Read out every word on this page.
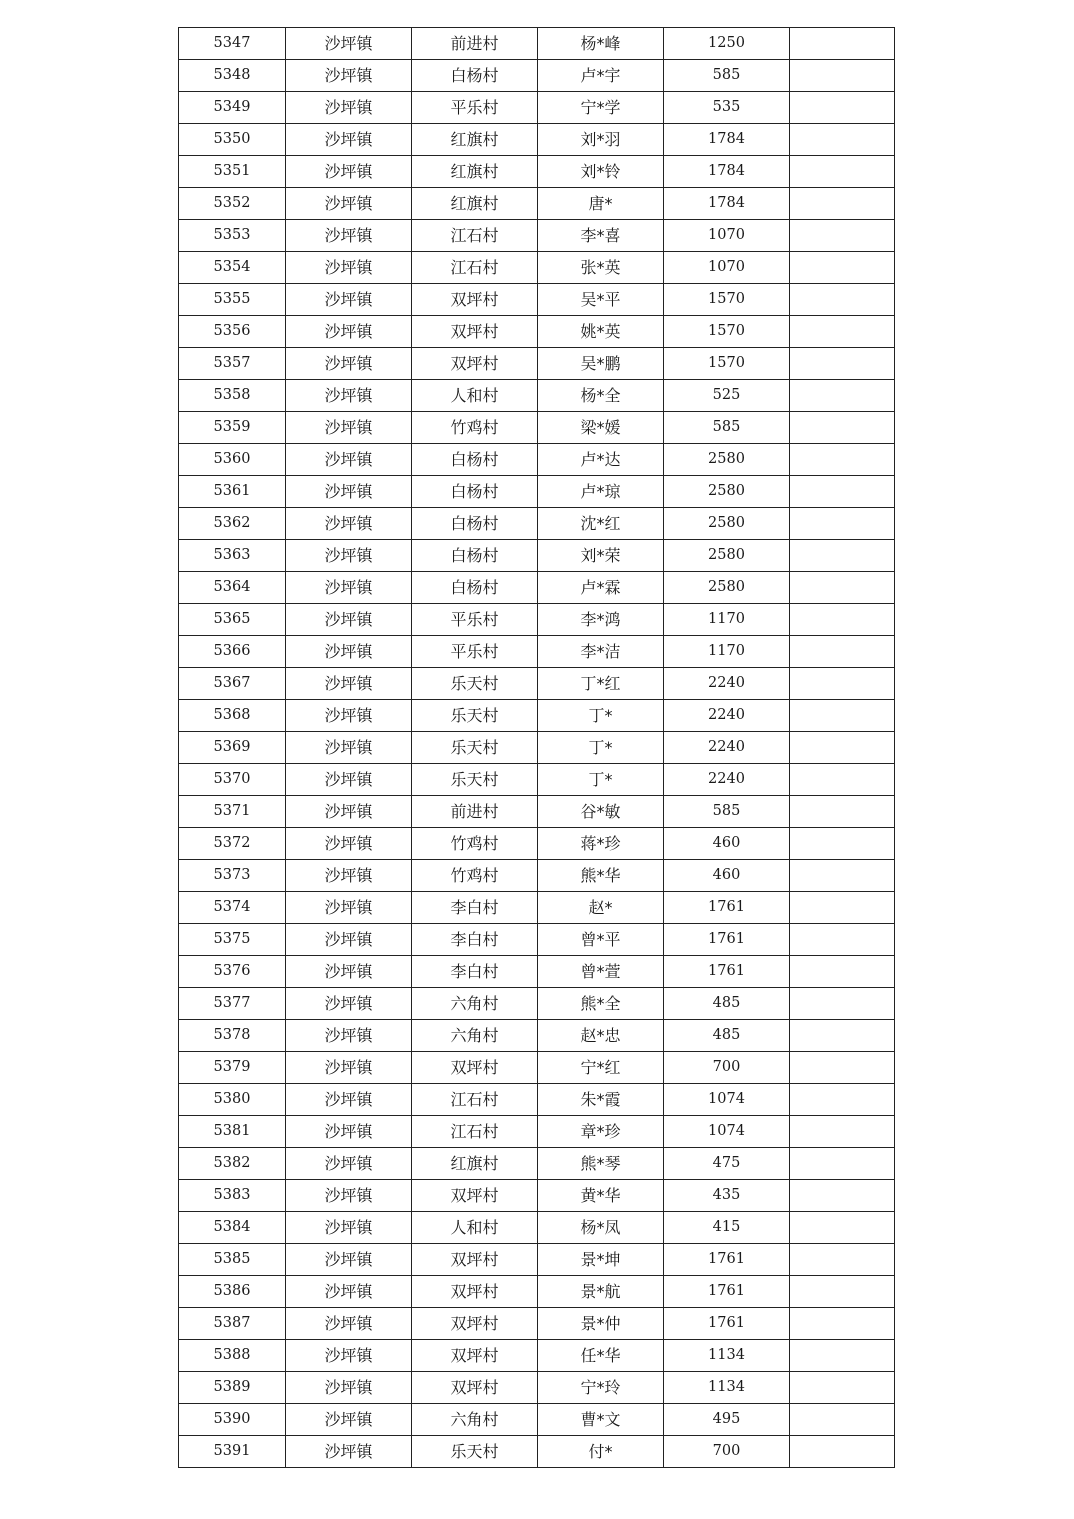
5347	沙坪镇	前进村	杨*峰	1250	
5348	沙坪镇	白杨村	卢*宇	585	
5349	沙坪镇	平乐村	宁*学	535	
5350	沙坪镇	红旗村	刘*羽	1784	
5351	沙坪镇	红旗村	刘*铃	1784	
5352	沙坪镇	红旗村	唐*	1784	
5353	沙坪镇	江石村	李*喜	1070	
5354	沙坪镇	江石村	张*英	1070	
5355	沙坪镇	双坪村	吴*平	1570	
5356	沙坪镇	双坪村	姚*英	1570	
5357	沙坪镇	双坪村	吴*鹏	1570	
5358	沙坪镇	人和村	杨*全	525	
5359	沙坪镇	竹鸡村	梁*媛	585	
5360	沙坪镇	白杨村	卢*达	2580	
5361	沙坪镇	白杨村	卢*琼	2580	
5362	沙坪镇	白杨村	沈*红	2580	
5363	沙坪镇	白杨村	刘*荣	2580	
5364	沙坪镇	白杨村	卢*霖	2580	
5365	沙坪镇	平乐村	李*鸿	1170	
5366	沙坪镇	平乐村	李*洁	1170	
5367	沙坪镇	乐天村	丁*红	2240	
5368	沙坪镇	乐天村	丁*	2240	
5369	沙坪镇	乐天村	丁*	2240	
5370	沙坪镇	乐天村	丁*	2240	
5371	沙坪镇	前进村	谷*敏	585	
5372	沙坪镇	竹鸡村	蒋*珍	460	
5373	沙坪镇	竹鸡村	熊*华	460	
5374	沙坪镇	李白村	赵*	1761	
5375	沙坪镇	李白村	曾*平	1761	
5376	沙坪镇	李白村	曾*萱	1761	
5377	沙坪镇	六角村	熊*全	485	
5378	沙坪镇	六角村	赵*忠	485	
5379	沙坪镇	双坪村	宁*红	700	
5380	沙坪镇	江石村	朱*霞	1074	
5381	沙坪镇	江石村	章*珍	1074	
5382	沙坪镇	红旗村	熊*琴	475	
5383	沙坪镇	双坪村	黄*华	435	
5384	沙坪镇	人和村	杨*凤	415	
5385	沙坪镇	双坪村	景*坤	1761	
5386	沙坪镇	双坪村	景*航	1761	
5387	沙坪镇	双坪村	景*仲	1761	
5388	沙坪镇	双坪村	任*华	1134	
5389	沙坪镇	双坪村	宁*玲	1134	
5390	沙坪镇	六角村	曹*文	495	
5391	沙坪镇	乐天村	付*	700	
